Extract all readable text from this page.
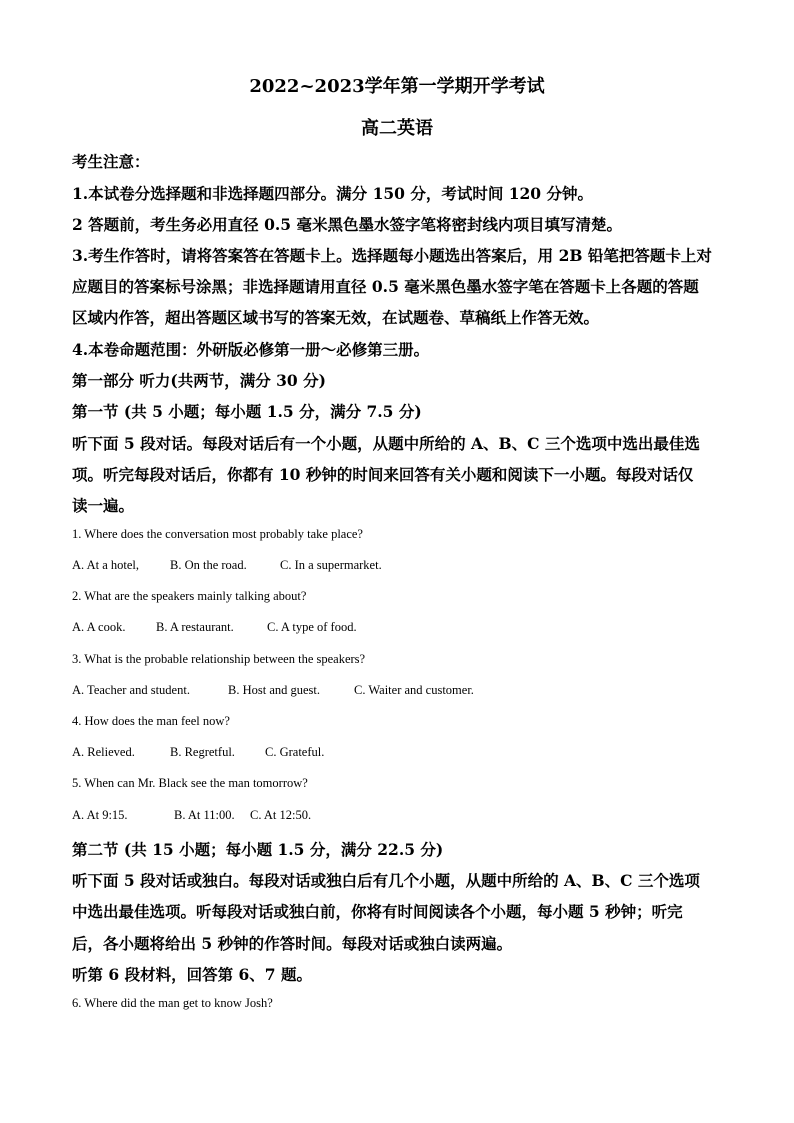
2022~2023学年第一学期开学考试
高二英语
考生注意：
1.本试卷分选择题和非选择题四部分。满分 150 分，考试时间 120 分钟。
2 答题前，考生务必用直径 0.5 毫米黑色墨水签字笔将密封线内项目填写清楚。
3.考生作答时，请将答案答在答题卡上。选择题每小题选出答案后，用 2B 铅笔把答题卡上对
应题目的答案标号涂黑；非选择题请用直径 0.5 毫米黑色墨水签字笔在答题卡上各题的答题
区域内作答，超出答题区域书写的答案无效，在试题卷、草稿纸上作答无效。
4.本卷命题范围：外研版必修第一册～必修第三册。
第一部分 听力(共两节，满分 30 分)
第一节 (共 5 小题；每小题 1.5 分，满分 7.5 分)
听下面 5 段对话。每段对话后有一个小题，从题中所给的 A、B、C 三个选项中选出最佳选
项。听完每段对话后，你都有 10 秒钟的时间来回答有关小题和阅读下一小题。每段对话仅
读一遍。
1. Where does the conversation most probably take place?
A. At a hotel, B. On the road.	C. In a supermarket.
2. What are the speakers mainly talking about?
A. A cook. B. A restaurant.	C. A type of food.
3. What is the probable relationship between the speakers?
A. Teacher and student.	B. Host and guest.	C. Waiter and customer.
4. How does the man feel now?
A. Relieved.	B. Regretful. C. Grateful.
5. When can Mr. Black see the man tomorrow?
A. At 9:15.	B. At 11:00. C. At 12:50.
第二节 (共 15 小题；每小题 1.5 分，满分 22.5 分)
听下面 5 段对话或独白。每段对话或独白后有几个小题，从题中所给的 A、B、C 三个选项
中选出最佳选项。听每段对话或独白前，你将有时间阅读各个小题，每小题 5 秒钟；听完
后，各小题将给出 5 秒钟的作答时间。每段对话或独白读两遍。
听第 6 段材料，回答第 6、7 题。
6. Where did the man get to know Josh?
